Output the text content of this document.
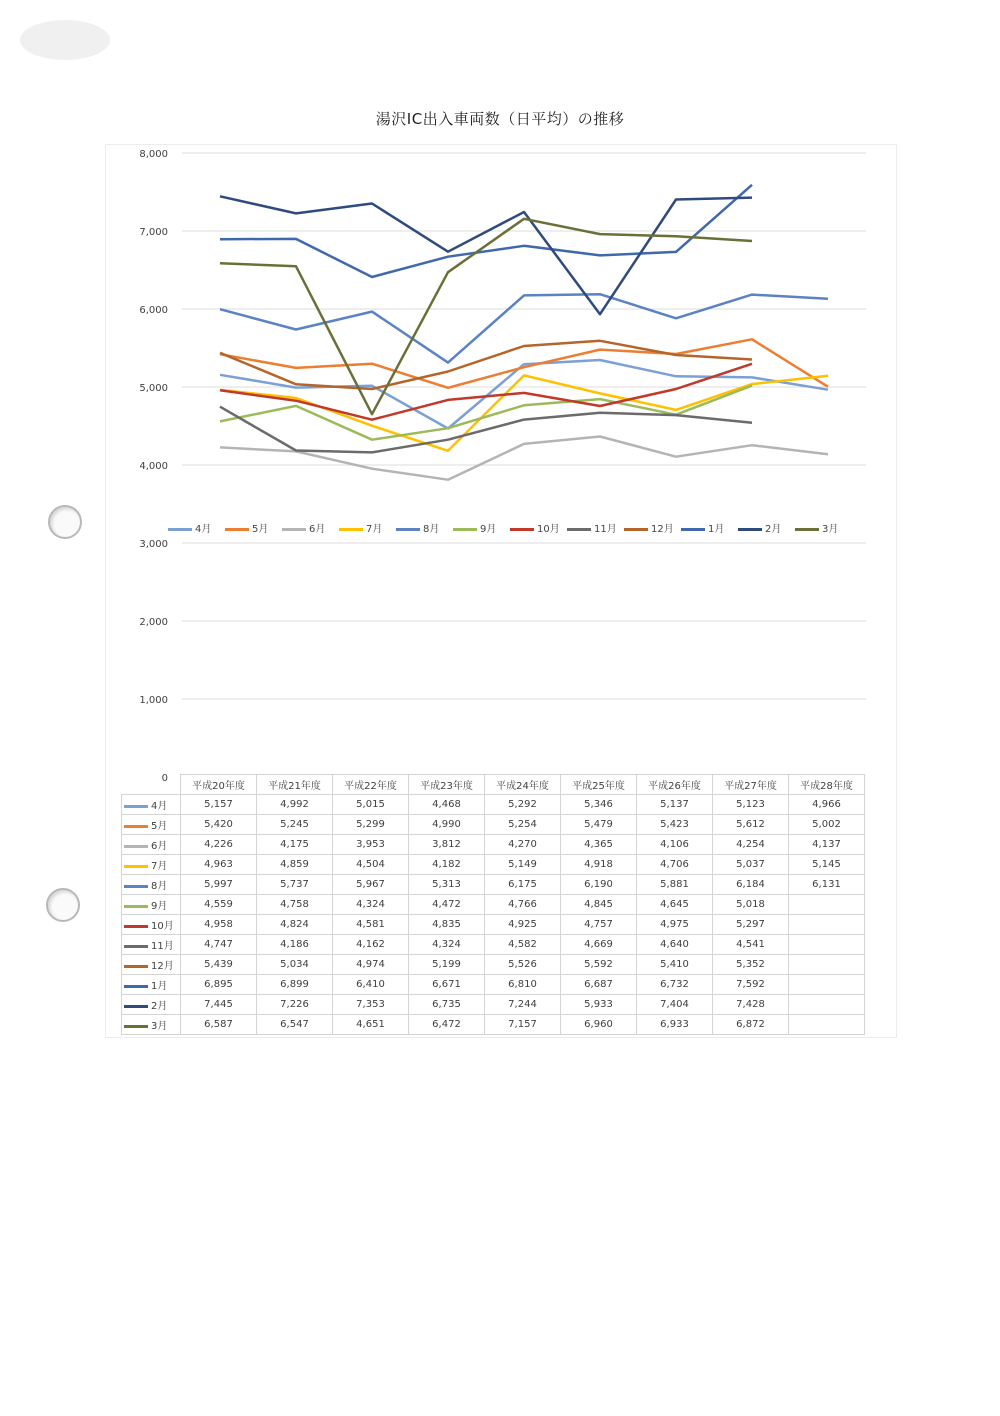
湯沢IC出入車両数（日平均）の推移
0
1,000
2,000
3,000
4,000
5,000
6,000
7,000
8,000
4月	5月	6月	7月	8月	9月	10月	11月	12月	1月	2月	3月
	平成20年度	平成21年度	平成22年度	平成23年度	平成24年度	平成25年度	平成26年度	平成27年度	平成28年度
4月	5,157	4,992	5,015	4,468	5,292	5,346	5,137	5,123	4,966
5月	5,420	5,245	5,299	4,990	5,254	5,479	5,423	5,612	5,002
6月	4,226	4,175	3,953	3,812	4,270	4,365	4,106	4,254	4,137
7月	4,963	4,859	4,504	4,182	5,149	4,918	4,706	5,037	5,145
8月	5,997	5,737	5,967	5,313	6,175	6,190	5,881	6,184	6,131
9月	4,559	4,758	4,324	4,472	4,766	4,845	4,645	5,018	
10月	4,958	4,824	4,581	4,835	4,925	4,757	4,975	5,297	
11月	4,747	4,186	4,162	4,324	4,582	4,669	4,640	4,541	
12月	5,439	5,034	4,974	5,199	5,526	5,592	5,410	5,352	
1月	6,895	6,899	6,410	6,671	6,810	6,687	6,732	7,592	
2月	7,445	7,226	7,353	6,735	7,244	5,933	7,404	7,428	
3月	6,587	6,547	4,651	6,472	7,157	6,960	6,933	6,872	
